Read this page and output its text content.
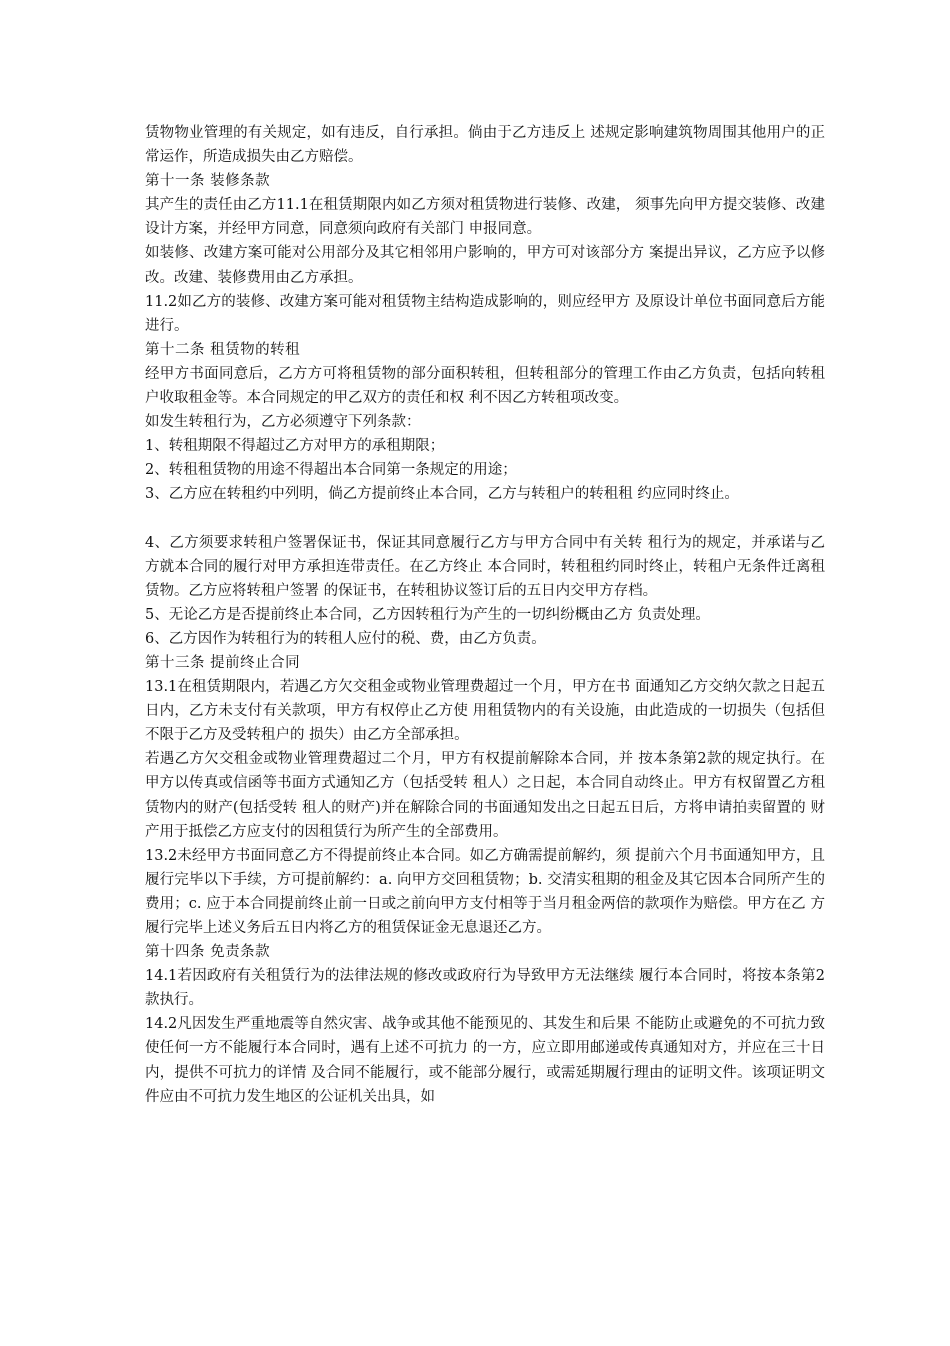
赁物物业管理的有关规定，如有违反，自行承担。倘由于乙方违反上 述规定影响建筑物周围其他用户的正常运作，所造成损失由乙方赔偿。

第十一条 装修条款

其产生的责任由乙方11.1在租赁期限内如乙方须对租赁物进行装修、改建， 须事先向甲方提交装修、改建设计方案，并经甲方同意，同意须向政府有关部门 申报同意。

如装修、改建方案可能对公用部分及其它相邻用户影响的，甲方可对该部分方 案提出异议，乙方应予以修改。改建、装修费用由乙方承担。

11.2如乙方的装修、改建方案可能对租赁物主结构造成影响的，则应经甲方 及原设计单位书面同意后方能进行。

第十二条 租赁物的转租

经甲方书面同意后，乙方方可将租赁物的部分面积转租，但转租部分的管理工作由乙方负责，包括向转租户收取租金等。本合同规定的甲乙双方的责任和权 利不因乙方转租项改变。

如发生转租行为，乙方必须遵守下列条款：

1、转租期限不得超过乙方对甲方的承租期限；

2、转租租赁物的用途不得超出本合同第一条规定的用途；

3、乙方应在转租约中列明，倘乙方提前终止本合同，乙方与转租户的转租租 约应同时终止。

4、乙方须要求转租户签署保证书，保证其同意履行乙方与甲方合同中有关转 租行为的规定，并承诺与乙方就本合同的履行对甲方承担连带责任。在乙方终止 本合同时，转租租约同时终止，转租户无条件迁离租赁物。乙方应将转租户签署 的保证书，在转租协议签订后的五日内交甲方存档。

5、无论乙方是否提前终止本合同，乙方因转租行为产生的一切纠纷概由乙方 负责处理。

6、乙方因作为转租行为的转租人应付的税、费，由乙方负责。

第十三条 提前终止合同

13.1在租赁期限内，若遇乙方欠交租金或物业管理费超过一个月，甲方在书 面通知乙方交纳欠款之日起五日内，乙方未支付有关款项，甲方有权停止乙方使 用租赁物内的有关设施，由此造成的一切损失（包括但不限于乙方及受转租户的 损失）由乙方全部承担。

若遇乙方欠交租金或物业管理费超过二个月，甲方有权提前解除本合同，并 按本条第2款的规定执行。在甲方以传真或信函等书面方式通知乙方（包括受转 租人）之日起，本合同自动终止。甲方有权留置乙方租赁物内的财产(包括受转 租人的财产)并在解除合同的书面通知发出之日起五日后，方将申请拍卖留置的 财产用于抵偿乙方应支付的因租赁行为所产生的全部费用。

13.2未经甲方书面同意乙方不得提前终止本合同。如乙方确需提前解约，须 提前六个月书面通知甲方，且履行完毕以下手续，方可提前解约：a. 向甲方交回租赁物；b. 交清实租期的租金及其它因本合同所产生的费用；c. 应于本合同提前终止前一日或之前向甲方支付相等于当月租金两倍的款项作为赔偿。甲方在乙 方履行完毕上述义务后五日内将乙方的租赁保证金无息退还乙方。

第十四条 免责条款

14.1若因政府有关租赁行为的法律法规的修改或政府行为导致甲方无法继续 履行本合同时，将按本条第2款执行。

14.2凡因发生严重地震等自然灾害、战争或其他不能预见的、其发生和后果 不能防止或避免的不可抗力致使任何一方不能履行本合同时，遇有上述不可抗力 的一方，应立即用邮递或传真通知对方，并应在三十日内，提供不可抗力的详情 及合同不能履行，或不能部分履行，或需延期履行理由的证明文件。该项证明文 件应由不可抗力发生地区的公证机关出具，如
